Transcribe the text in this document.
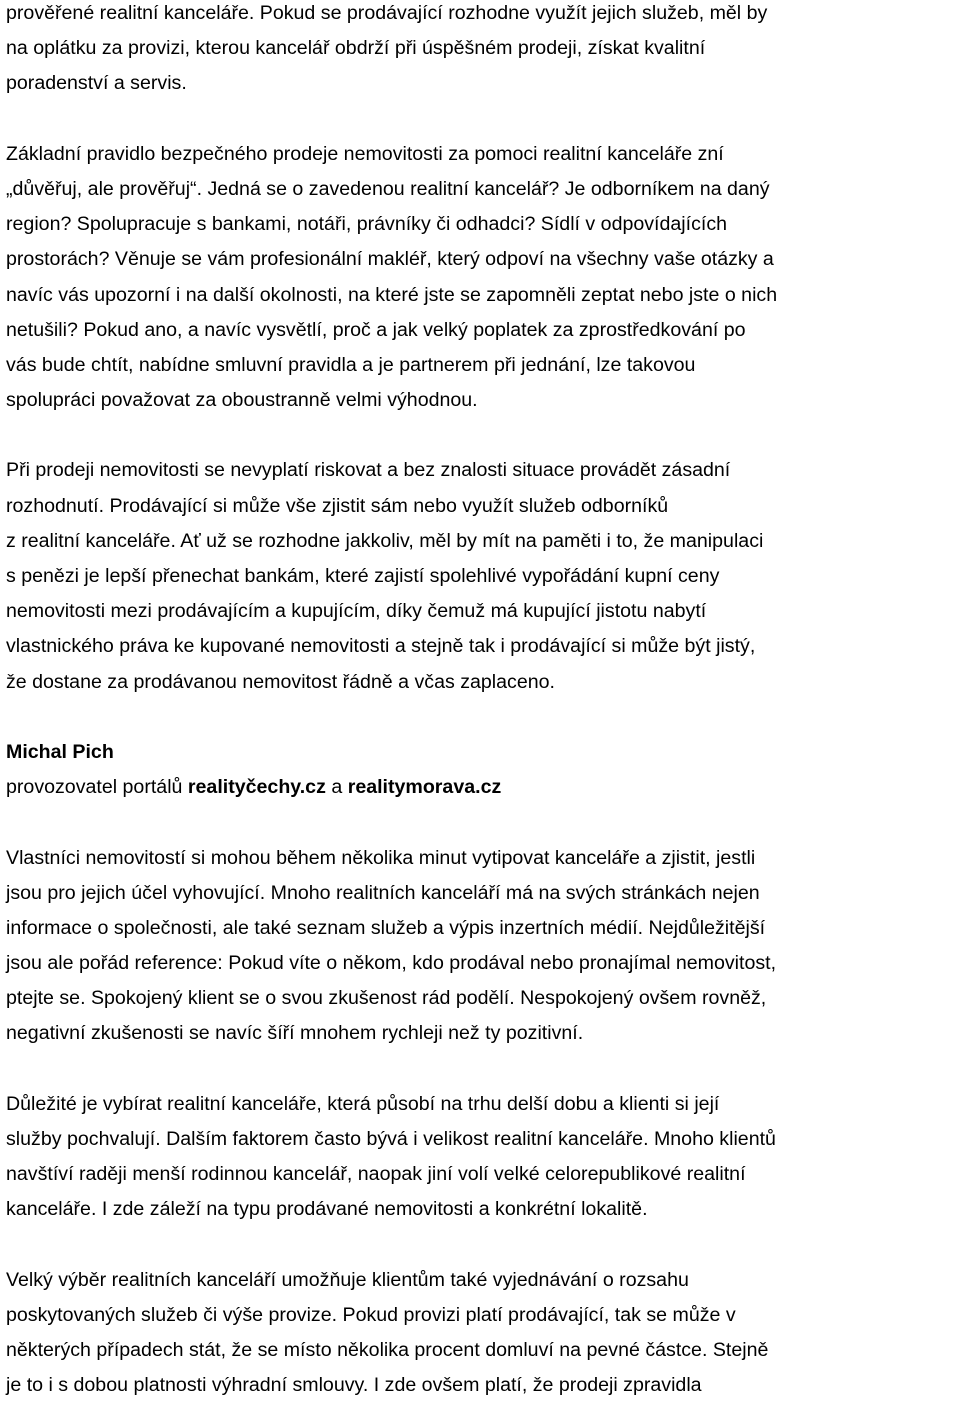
prověřené realitní kanceláře. Pokud se prodávající rozhodne využít jejich služeb, měl by
na oplátku za provizi, kterou kancelář obdrží při úspěšném prodeji, získat kvalitní
poradenství a servis.
Základní pravidlo bezpečného prodeje nemovitosti za pomoci realitní kanceláře zní
„důvěřuj, ale prověřuj“. Jedná se o zavedenou realitní kancelář? Je odborníkem na daný
region? Spolupracuje s bankami, notáři, právníky či odhadci? Sídlí v odpovídajících
prostorách? Věnuje se vám profesionální makléř, který odpoví na všechny vaše otázky a
navíc vás upozorní i na další okolnosti, na které jste se zapomněli zeptat nebo jste o nich
netušili? Pokud ano, a navíc vysvětlí, proč a jak velký poplatek za zprostředkování po
vás bude chtít, nabídne smluvní pravidla a je partnerem při jednání, lze takovou
spolupráci považovat za oboustranně velmi výhodnou.
Při prodeji nemovitosti se nevyplatí riskovat a bez znalosti situace provádět zásadní
rozhodnutí. Prodávající si může vše zjistit sám nebo využít služeb odborníků
z realitní kanceláře. Ať už se rozhodne jakkoliv, měl by mít na paměti i to, že manipulaci
s penězi je lepší přenechat bankám, které zajistí spolehlivé vypořádání kupní ceny
nemovitosti mezi prodávajícím a kupujícím, díky čemuž má kupující jistotu nabytí
vlastnického práva ke kupované nemovitosti a stejně tak i prodávající si může být jistý,
že dostane za prodávanou nemovitost řádně a včas zaplaceno.
Michal Pich
provozovatel portálů realityčechy.cz a realitymorava.cz
Vlastníci nemovitostí si mohou během několika minut vytipovat kanceláře a zjistit, jestli
jsou pro jejich účel vyhovující. Mnoho realitních kanceláří má na svých stránkách nejen
informace o společnosti, ale také seznam služeb a výpis inzertních médií. Nejdůležitější
jsou ale pořád reference: Pokud víte o někom, kdo prodával nebo pronajímal nemovitost,
ptejte se. Spokojený klient se o svou zkušenost rád podělí. Nespokojený ovšem rovněž,
negativní zkušenosti se navíc šíří mnohem rychleji než ty pozitivní.
Důležité je vybírat realitní kanceláře, která působí na trhu delší dobu a klienti si její
služby pochvalují. Dalším faktorem často bývá i velikost realitní kanceláře. Mnoho klientů
navštíví raději menší rodinnou kancelář, naopak jiní volí velké celorepublikové realitní
kanceláře. I zde záleží na typu prodávané nemovitosti a konkrétní lokalitě.
Velký výběr realitních kanceláří umožňuje klientům také vyjednávání o rozsahu
poskytovaných služeb či výše provize. Pokud provizi platí prodávající, tak se může v
některých případech stát, že se místo několika procent domluví na pevné částce. Stejně
je to i s dobou platnosti výhradní smlouvy. I zde ovšem platí, že prodeji zpravidla
